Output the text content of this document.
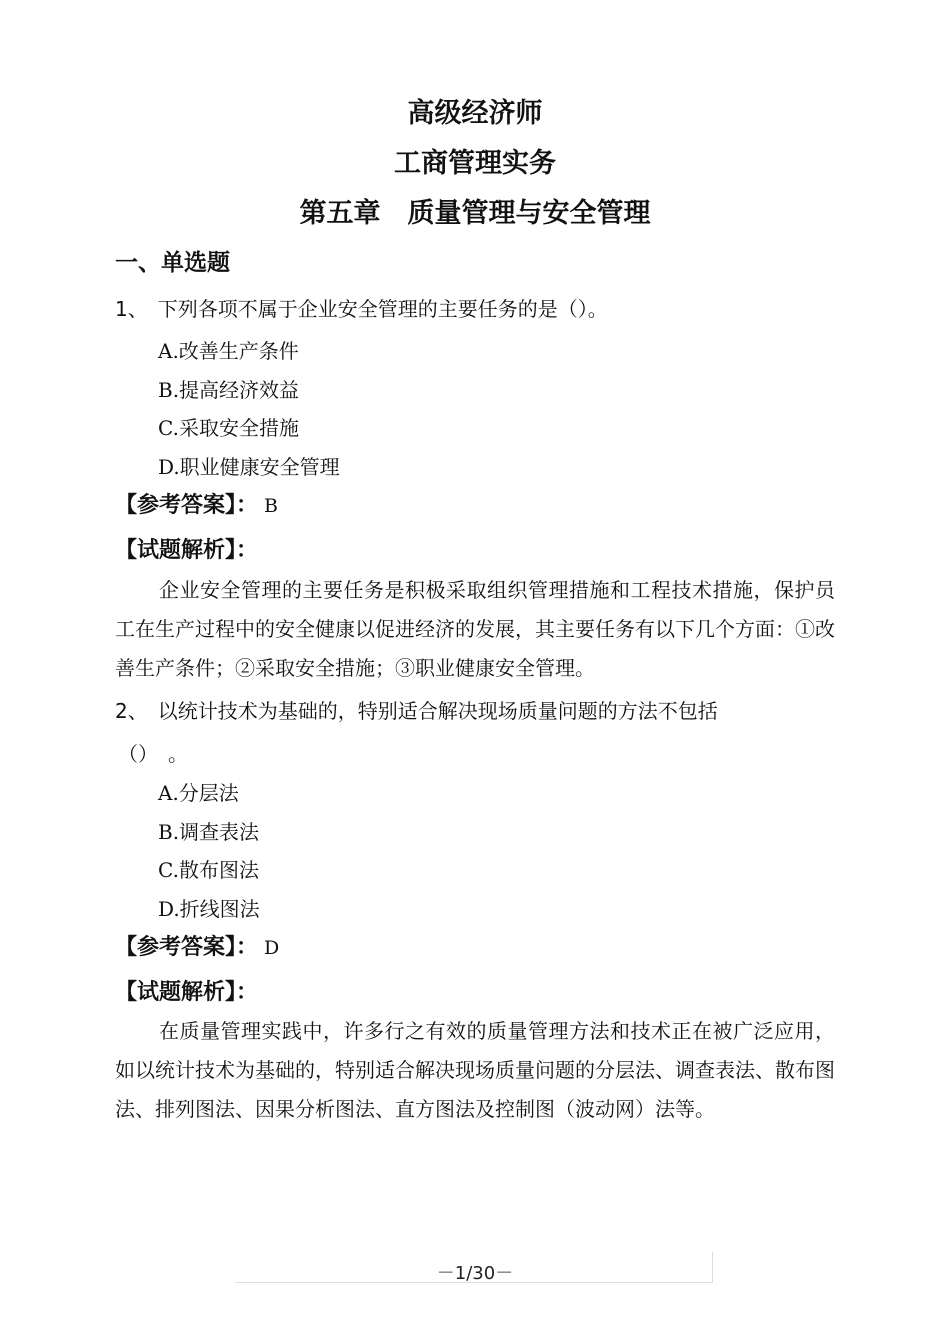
高级经济师
工商管理实务
第五章　质量管理与安全管理
一、单选题
1、 下列各项不属于企业安全管理的主要任务的是（）。
A.改善生产条件
B.提高经济效益
C.采取安全措施
D.职业健康安全管理
【参考答案】： B
【试题解析】：
企业安全管理的主要任务是积极采取组织管理措施和工程技术措施，保护员工在生产过程中的安全健康以促进经济的发展，其主要任务有以下几个方面：①改善生产条件；②采取安全措施；③职业健康安全管理。
2、 以统计技术为基础的，特别适合解决现场质量问题的方法不包括
（）　。
A.分层法
B.调查表法
C.散布图法
D.折线图法
【参考答案】： D
【试题解析】：
在质量管理实践中，许多行之有效的质量管理方法和技术正在被广泛应用，如以统计技术为基础的，特别适合解决现场质量问题的分层法、调查表法、散布图法、排列图法、因果分析图法、直方图法及控制图（波动网）法等。
－1/30－
